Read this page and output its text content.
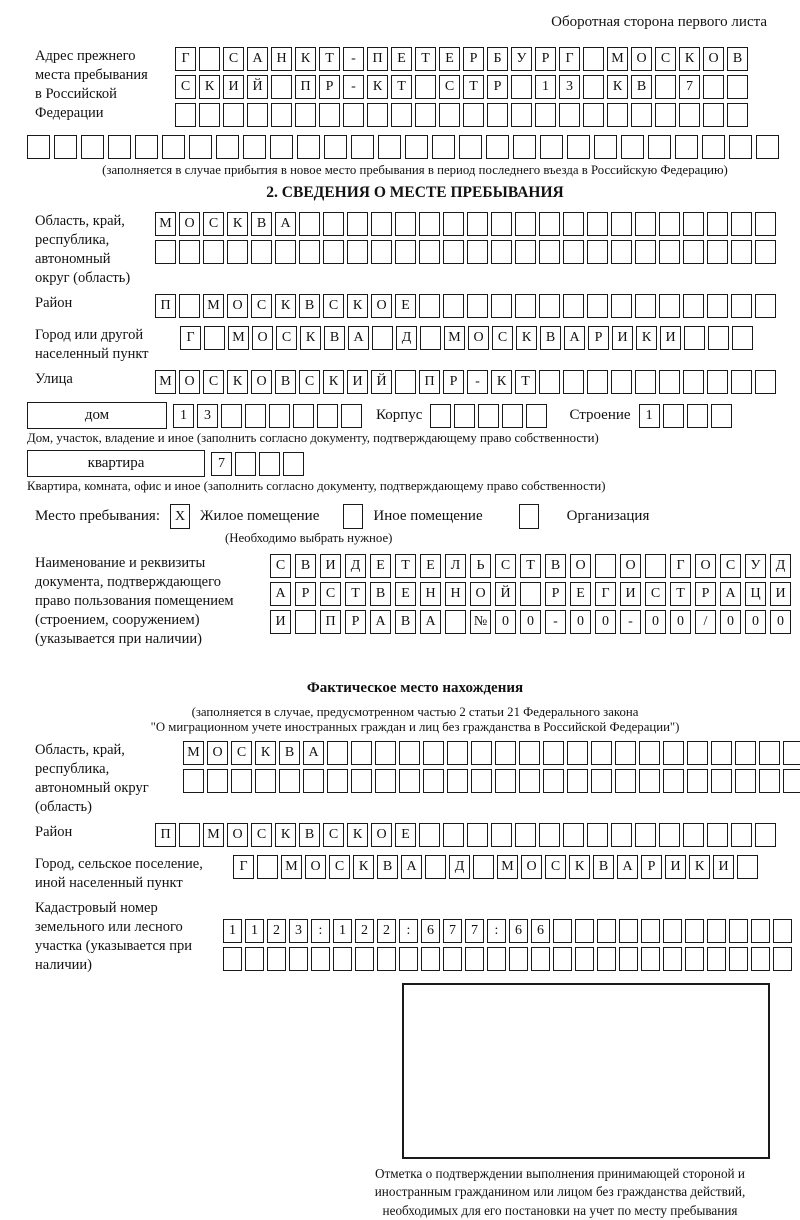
Оборотная сторона первого листа
Адрес прежнего места пребывания в Российской Федерации
Г	С	А Н	К	Т	-	П	Е	Т	Е	Р	Б	У	Р	Г	М О	С	К	О	В
С	К	И Й	П	Р	-	К	Т	С	Т	Р	1	3	К	В	7
(заполняется в случае прибытия в новое место пребывания в период последнего въезда в Российскую Федерацию)
2. СВЕДЕНИЯ О МЕСТЕ ПРЕБЫВАНИЯ
Область, край, республика, автономный округ (область)
М О	С	К	В	А
Район	П	М О	С	К	В	С	К	О	Е
Город или другой населенный пункт
Г	М О	С	К	В	А	Д	М О	С	К	В	А	Р	И	К	И
Улица	М О	С	К	О	В	С	К	И Й	П	Р	-	К	Т
дом	1	3	Корпус	Строение	1
Дом, участок, владение и иное (заполнить согласно документу, подтверждающему право собственности)
квартира	7
Квартира, комната, офис и иное (заполнить согласно документу, подтверждающему право собственности)
Место пребывания:	X Жилое помещение	Иное помещение	Организация
(Необходимо выбрать нужное)
Наименование и реквизиты документа, подтверждающего право пользования помещением (строением, сооружением) (указывается при наличии)
С	В	И	Д	Е	Т	Е	Л	Ь	С	Т	В	О	О	Г	О	С	У	Д
А	Р	С	Т	В	Е	Н	Н	О	Й	Р	Е	Г	И	С	Т	Р	А	Ц	И
И	П	Р	А	В	А	№	0	0	-	0	0	-	0	0	/	0	0	0
Фактическое место нахождения
(заполняется в случае, предусмотренном частью 2 статьи 21 Федерального закона
"О миграционном учете иностранных граждан и лиц без гражданства в Российской Федерации")
Область, край, республика, автономный округ (область)
М О	С	К	В	А
Район	П	М О	С	К	В	С	К	О	Е
Город, сельское поселение, иной населенный пункт
Г	М О	С	К	В	А	Д	М О	С	К	В	А	Р	И	К	И
Кадастровый номер земельного или лесного участка (указывается при наличии)
1	1	2	3	:	1	2	2	:	6	7	7	:	6	6
Отметка о подтверждении выполнения принимающей стороной и иностранным гражданином или лицом без гражданства действий, необходимых для его постановки на учет по месту пребывания
